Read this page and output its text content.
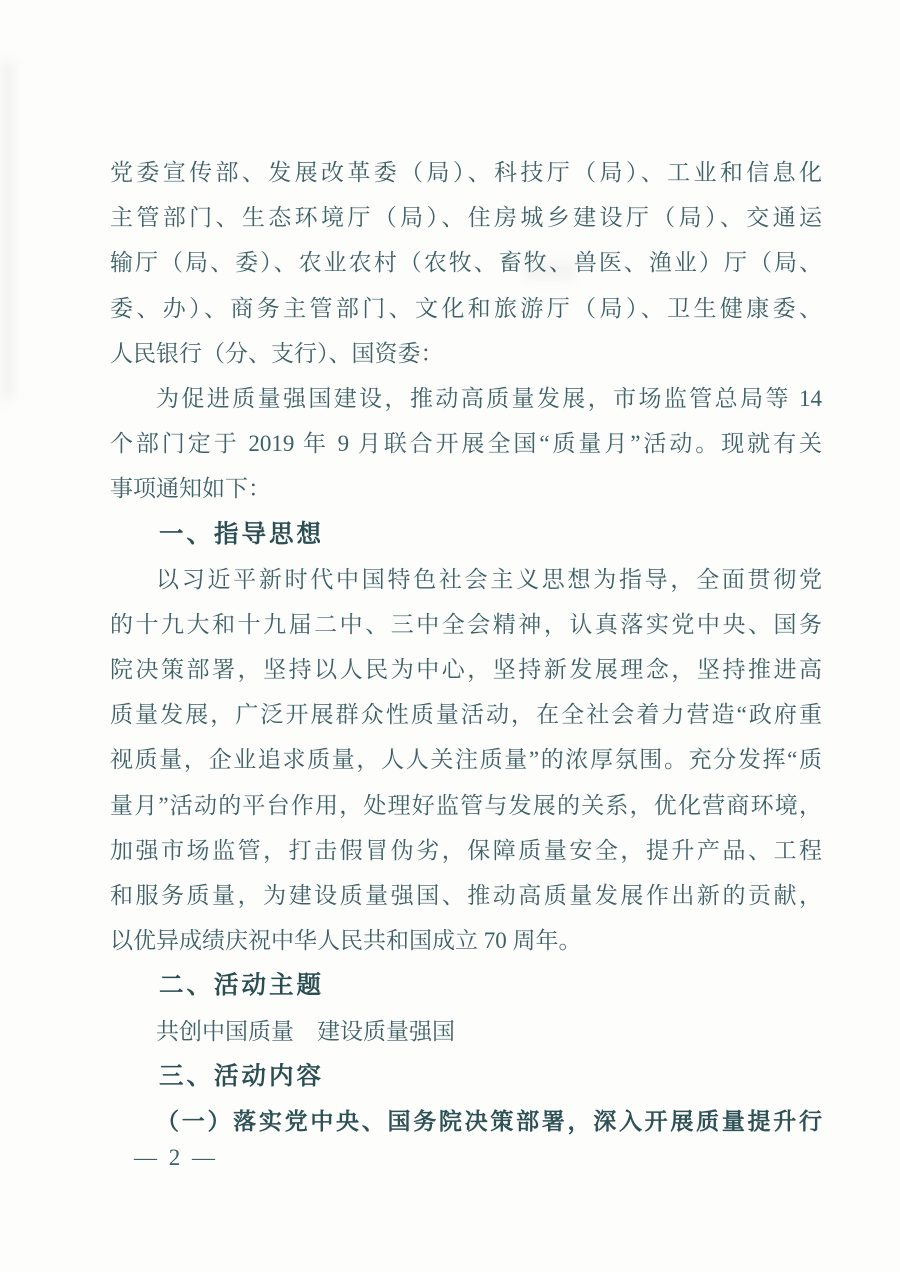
党委宣传部、发展改革委（局）、科技厅（局）、工业和信息化
主管部门、生态环境厅（局）、住房城乡建设厅（局）、交通运
输厅（局、委）、农业农村（农牧、畜牧、兽医、渔业）厅（局、
委、办）、商务主管部门、文化和旅游厅（局）、卫生健康委、
人民银行（分、支行）、国资委：
为促进质量强国建设，推动高质量发展，市场监管总局等 14
个部门定于 2019 年 9 月联合开展全国“质量月”活动。现就有关
事项通知如下：
一、指导思想
以习近平新时代中国特色社会主义思想为指导，全面贯彻党
的十九大和十九届二中、三中全会精神，认真落实党中央、国务
院决策部署，坚持以人民为中心，坚持新发展理念，坚持推进高
质量发展，广泛开展群众性质量活动，在全社会着力营造“政府重
视质量，企业追求质量，人人关注质量”的浓厚氛围。充分发挥“质
量月”活动的平台作用，处理好监管与发展的关系，优化营商环境，
加强市场监管，打击假冒伪劣，保障质量安全，提升产品、工程
和服务质量，为建设质量强国、推动高质量发展作出新的贡献，
以优异成绩庆祝中华人民共和国成立 70 周年。
二、活动主题
共创中国质量　建设质量强国
三、活动内容
（一）落实党中央、国务院决策部署，深入开展质量提升行
— 2 —
